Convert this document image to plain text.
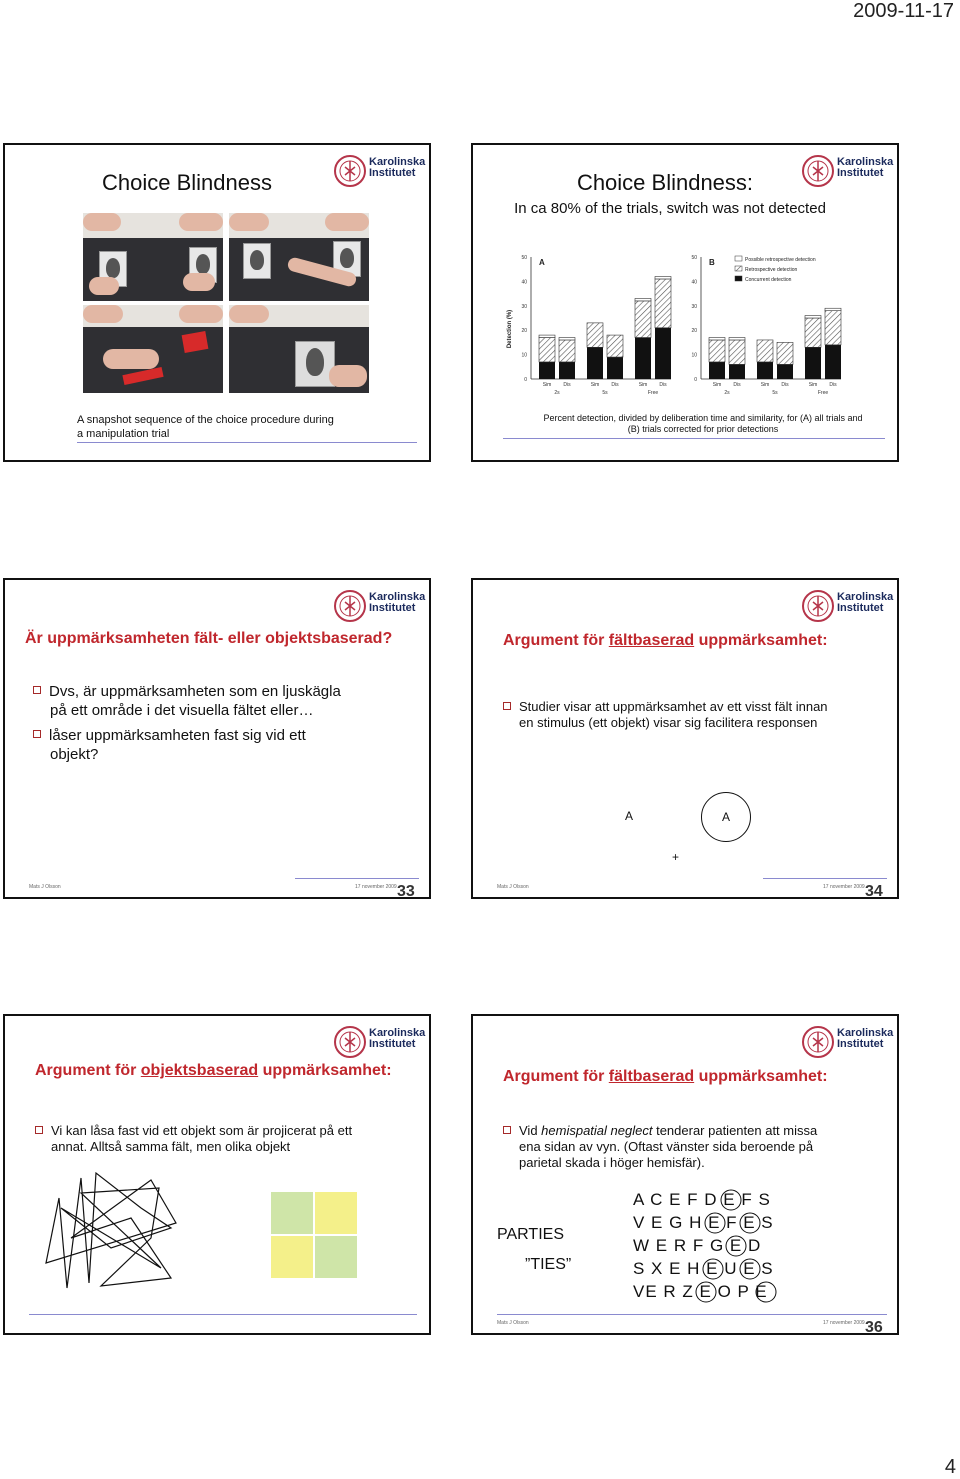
2009-11-17
Karolinska
Institutet
Choice Blindness
A snapshot sequence of the choice procedure during
a manipulation trial
Karolinska
Institutet
Choice Blindness:
In ca 80% of the trials, switch was not detected
A
0
10
20
30
40
50
Sim Dis	Sim Dis	Sim Dis
2s	5s	Free
B
0
10
20
30
40
50
Sim Dis	Sim Dis	Sim Dis
2s	5s	Free
Detection (%)
Possible retrospective detection
Retrospective detection
Concurrent detection
Percent detection, divided by deliberation time and similarity, for (A) all trials and
(B) trials corrected for prior detections
Karolinska
Institutet
Är uppmärksamheten fält- eller objektsbaserad?
Dvs, är uppmärksamheten som en ljuskägla
på ett område i det visuella fältet eller…
låser uppmärksamheten fast sig vid ett
objekt?
Mats J Olsson	17 november 2009 33
Karolinska
Institutet
Argument för fältbaserad uppmärksamhet:
Studier visar att uppmärksamhet av ett visst fält innan
en stimulus (ett objekt) visar sig facilitera responsen
A	A
+
Mats J Olsson	17 november 2009 34
Karolinska
Institutet
Argument för objektsbaserad uppmärksamhet:
Vi kan låsa fast vid ett objekt som är projicerat på ett
annat. Alltså samma fält, men olika objekt
Karolinska
Institutet
Argument för fältbaserad uppmärksamhet:
Vid hemispatial neglect tenderar patienten att missa
ena sidan av vyn. (Oftast vänster sida beroende på
parietal skada i höger hemisfär).
PARTIES
”TIES”
A C E F D E F S
V E G H E F E S
W E R F G E D
S X E H E U E S
VE R Z E O P E
Mats J Olsson	17 november 2009 36
4
